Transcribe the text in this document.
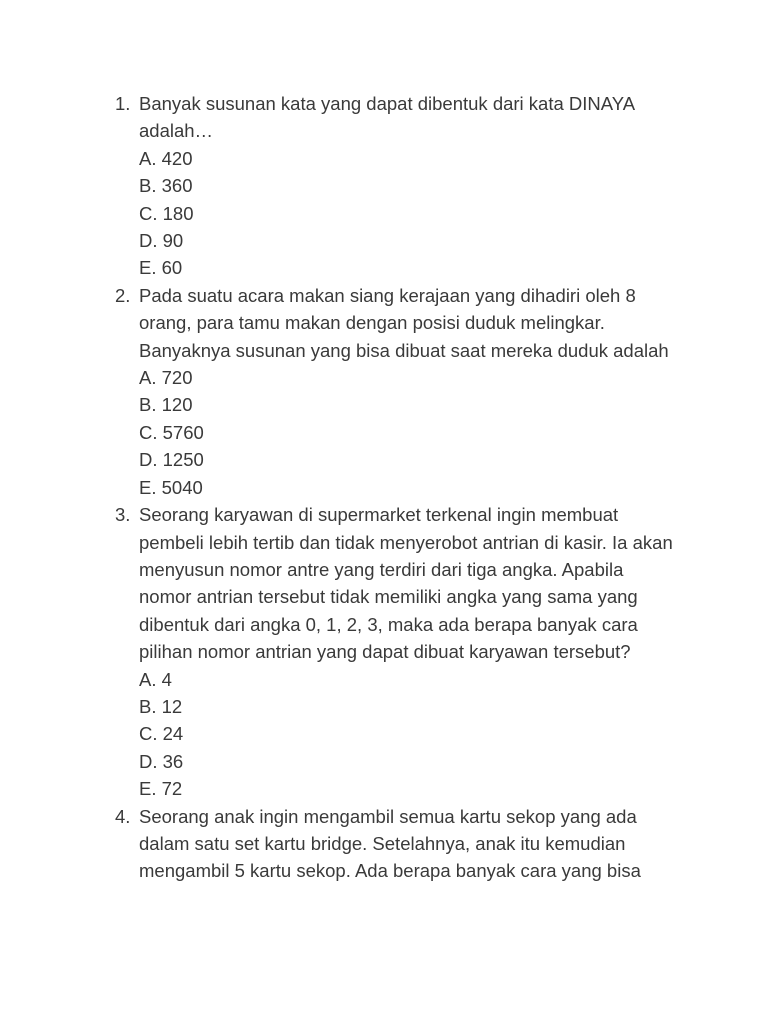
1. Banyak susunan kata yang dapat dibentuk dari kata DINAYA adalah…
A. 420
B. 360
C. 180
D. 90
E. 60
2. Pada suatu acara makan siang kerajaan yang dihadiri oleh 8 orang, para tamu makan dengan posisi duduk melingkar. Banyaknya susunan yang bisa dibuat saat mereka duduk adalah
A. 720
B. 120
C. 5760
D. 1250
E. 5040
3. Seorang karyawan di supermarket terkenal ingin membuat pembeli lebih tertib dan tidak menyerobot antrian di kasir. Ia akan menyusun nomor antre yang terdiri dari tiga angka. Apabila nomor antrian tersebut tidak memiliki angka yang sama yang dibentuk dari angka 0, 1, 2, 3, maka ada berapa banyak cara pilihan nomor antrian yang dapat dibuat karyawan tersebut?
A. 4
B. 12
C. 24
D. 36
E. 72
4. Seorang anak ingin mengambil semua kartu sekop yang ada dalam satu set kartu bridge. Setelahnya, anak itu kemudian mengambil 5 kartu sekop. Ada berapa banyak cara yang bisa
